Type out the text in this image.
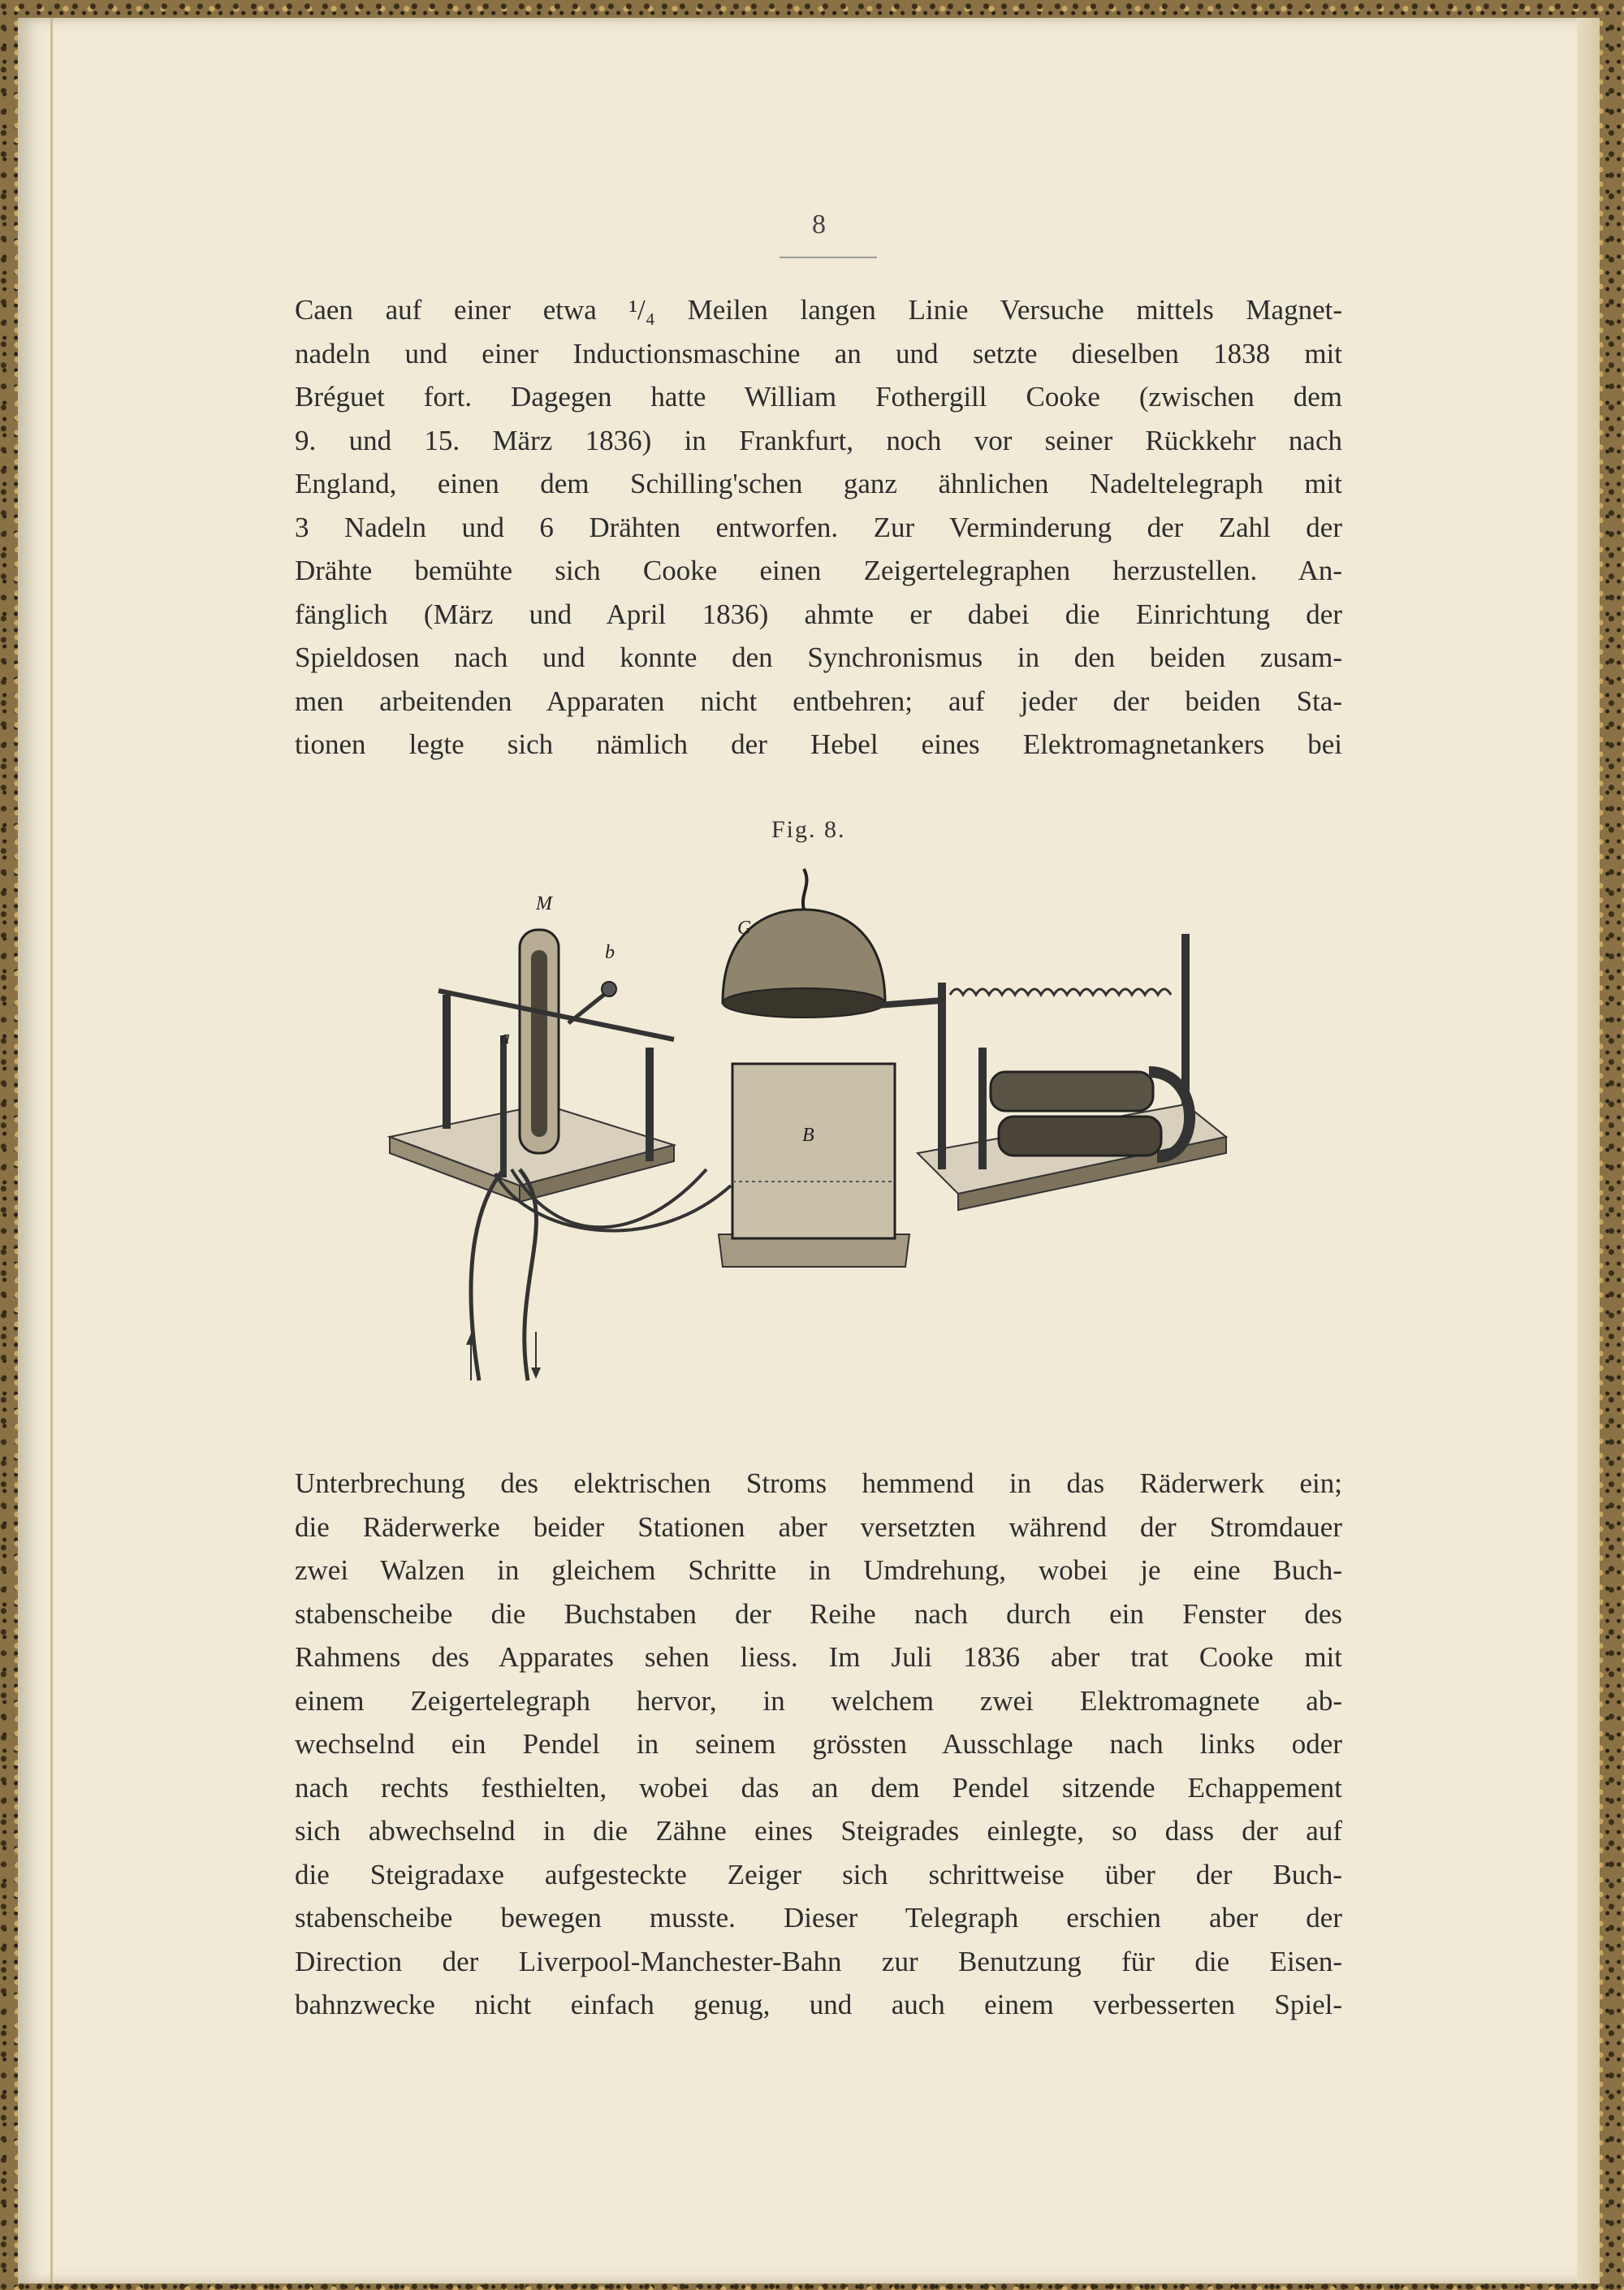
8
Caen auf einer etwa ¹/₄ Meilen langen Linie Versuche mittels Magnet-
nadeln und einer Inductionsmaschine an und setzte dieselben 1838 mit
Bréguet fort. Dagegen hatte William Fothergill Cooke (zwischen dem
9. und 15. März 1836) in Frankfurt, noch vor seiner Rückkehr nach
England, einen dem Schilling'schen ganz ähnlichen Nadeltelegraph mit
3 Nadeln und 6 Drähten entworfen. Zur Verminderung der Zahl der
Drähte bemühte sich Cooke einen Zeigertelegraphen herzustellen. An-
fänglich (März und April 1836) ahmte er dabei die Einrichtung der
Spieldosen nach und konnte den Synchronismus in den beiden zusam-
men arbeitenden Apparaten nicht entbehren; auf jeder der beiden Sta-
tionen legte sich nämlich der Hebel eines Elektromagnetankers bei
Fig. 8.
M
b
a
G
B
Unterbrechung des elektrischen Stroms hemmend in das Räderwerk ein;
die Räderwerke beider Stationen aber versetzten während der Stromdauer
zwei Walzen in gleichem Schritte in Umdrehung, wobei je eine Buch-
stabenscheibe die Buchstaben der Reihe nach durch ein Fenster des
Rahmens des Apparates sehen liess. Im Juli 1836 aber trat Cooke mit
einem Zeigertelegraph hervor, in welchem zwei Elektromagnete ab-
wechselnd ein Pendel in seinem grössten Ausschlage nach links oder
nach rechts festhielten, wobei das an dem Pendel sitzende Echappement
sich abwechselnd in die Zähne eines Steigrades einlegte, so dass der auf
die Steigradaxe aufgesteckte Zeiger sich schrittweise über der Buch-
stabenscheibe bewegen musste. Dieser Telegraph erschien aber der
Direction der Liverpool-Manchester-Bahn zur Benutzung für die Eisen-
bahnzwecke nicht einfach genug, und auch einem verbesserten Spiel-
